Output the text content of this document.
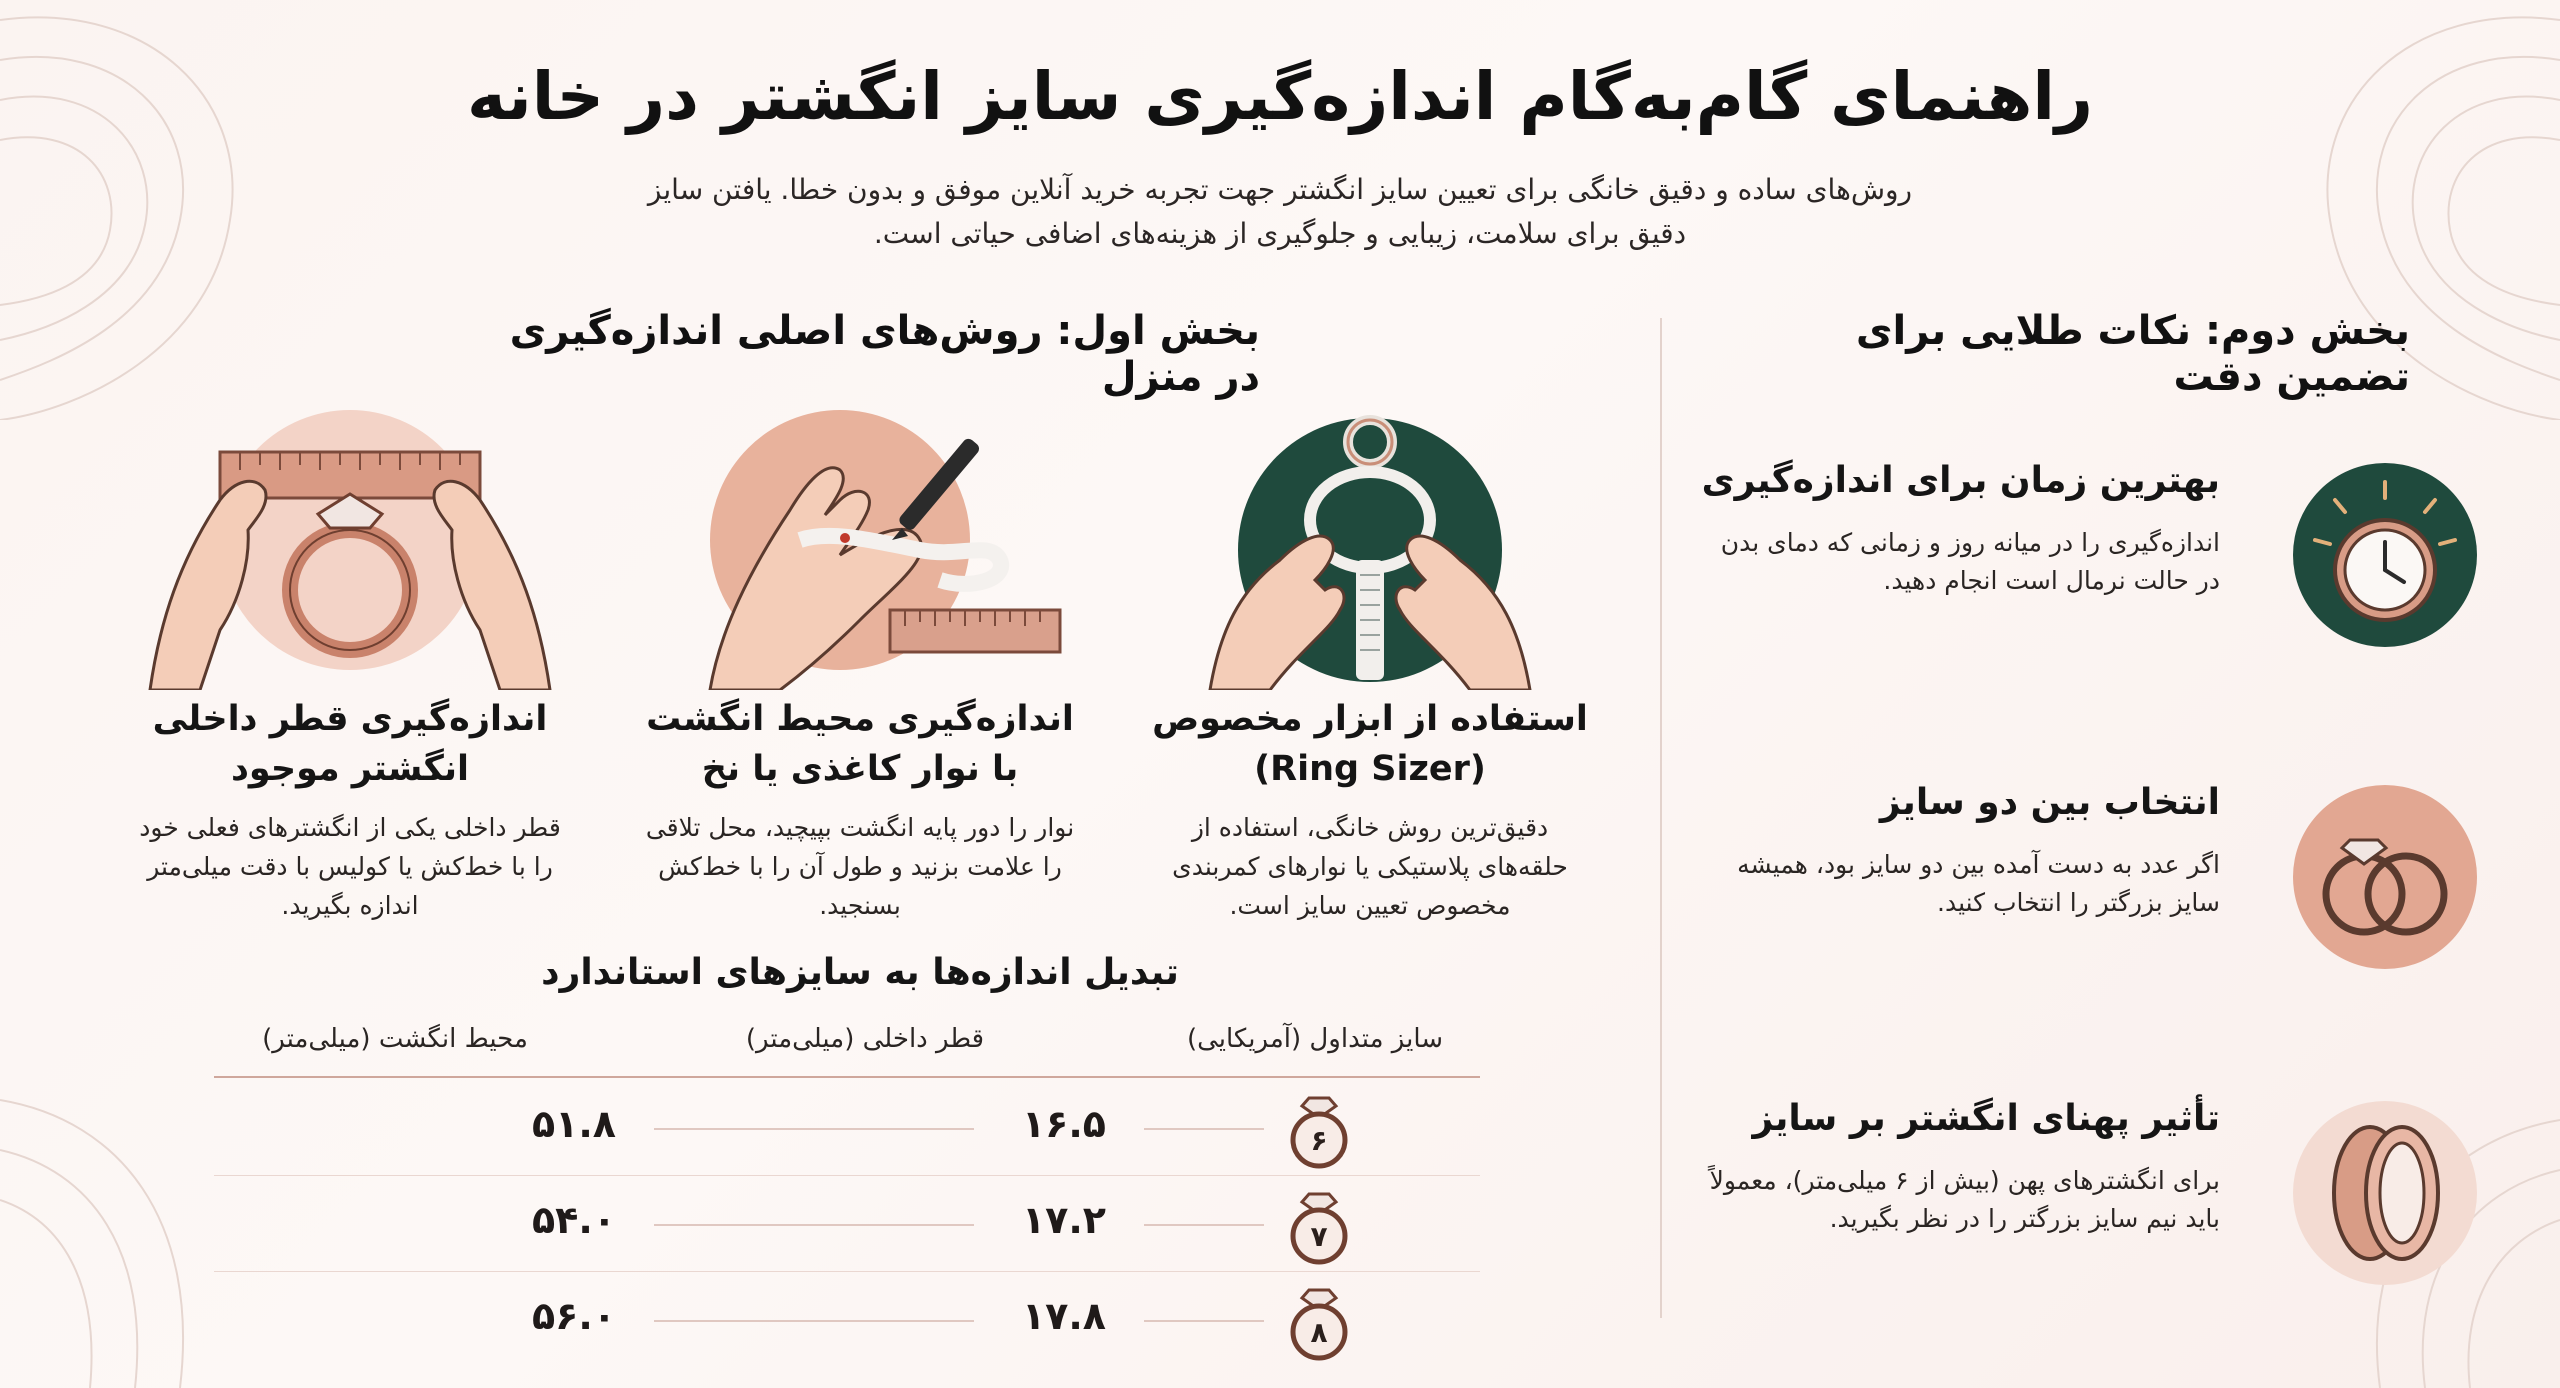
راهنمای گام‌به‌گام اندازه‌گیری سایز انگشتر در خانه

روش‌های ساده و دقیق خانگی برای تعیین سایز انگشتر جهت تجربه خرید آنلاین موفق و بدون خطا. یافتن سایز دقیق برای سلامت، زیبایی و جلوگیری از هزینه‌های اضافی حیاتی است.

بخش اول: روش‌های اصلی اندازه‌گیری در منزل
استفاده از ابزار مخصوص
(Ring Sizer)

دقیق‌ترین روش خانگی، استفاده از حلقه‌های پلاستیکی یا نوارهای کمربندی مخصوص تعیین سایز است.

اندازه‌گیری محیط انگشت
با نوار کاغذی یا نخ

نوار را دور پایه انگشت بپیچید، محل تلاقی را علامت بزنید و طول آن را با خط‌کش بسنجید.

اندازه‌گیری قطر داخلی
انگشتر موجود

قطر داخلی یکی از انگشترهای فعلی خود را با خط‌کش یا کولیس با دقت میلی‌متر اندازه بگیرید.

تبدیل اندازه‌ها به سایزهای استاندارد
سایز متداول (آمریکایی)
قطر داخلی (میلی‌متر)
محیط انگشت (میلی‌متر)
۶
۱۶.۵
۵۱.۸
۷
۱۷.۲
۵۴.۰
۸
۱۷.۸
۵۶.۰
بخش دوم: نکات طلایی برای تضمین دقت
بهترین زمان برای اندازه‌گیری

اندازه‌گیری را در میانه روز و زمانی که دمای بدن در حالت نرمال است انجام دهید.

انتخاب بین دو سایز

اگر عدد به دست آمده بین دو سایز بود، همیشه سایز بزرگتر را انتخاب کنید.

تأثیر پهنای انگشتر بر سایز

برای انگشترهای پهن (بیش از ۶ میلی‌متر)، معمولاً باید نیم سایز بزرگتر را در نظر بگیرید.
